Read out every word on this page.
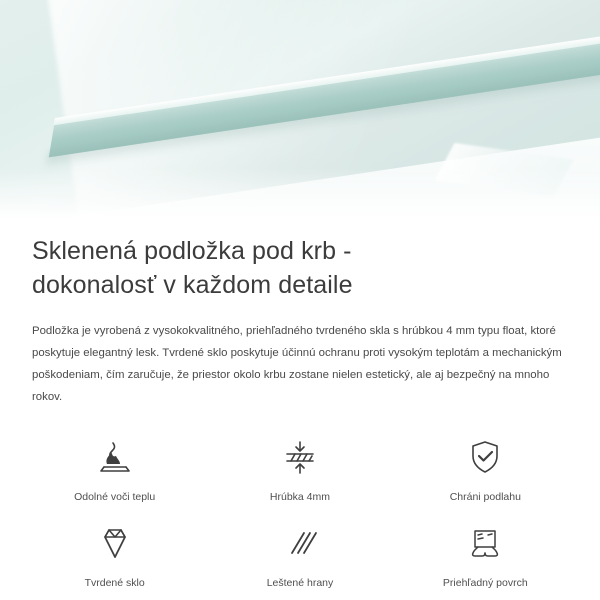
Sklenená podložka pod krb -
dokonalosť v každom detaile

Podložka je vyrobená z vysokokvalitného, priehľadného tvrdeného skla s hrúbkou 4 mm typu float, ktoré poskytuje elegantný lesk. Tvrdené sklo poskytuje účinnú ochranu proti vysokým teplotám a mechanickým poškodeniam, čím zaručuje, že priestor okolo krbu zostane nielen estetický, ale aj bezpečný na mnoho rokov.

Odolné voči teplu	Hrúbka 4mm	Chráni podlahu
Tvrdené sklo	Leštené hrany	Priehľadný povrch
